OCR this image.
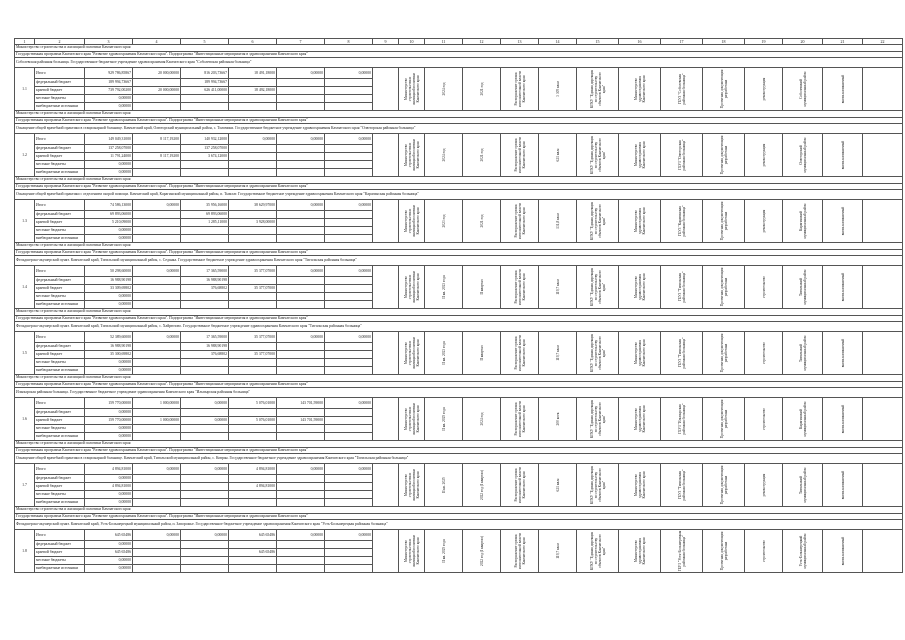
1	2	3	4	5	6	7	8	9	10	11	12	13	14	15	16	17	18	19	20	21	22
Министерство строительства и жилищной политики Камчатского края																					
Государственная программа Камчатского края "Развитие здравоохранения Камчатского края". Подпрограмма "Инвестиционные мероприятия в здравоохранении Камчатского края"																					
Соболевская районная больница. Государственное бюджетное учреждение здравоохранения Камчатского края "Соболевская районная больница"																					
1.1	Итого	929 786,85867	20 000,00000	816 203,73667	18 491,18000	0,00000	0,00000		Министерство строительства и жилищной политики Камчатского края	2024 год	2021 год	Распоряжение органа исполнительной власти Камчатского края	3 305 кв.м	КГКУ "Единая дирекция по строительству объектов Камчатского края"	Министерство здравоохранения Камчатского края	ГБУЗ "Соболевская районная больница"	Проектная документация разработана	реконструкция	Соболевский муниципальный район	вновь начинаемый	

	федеральный бюджет	189 994,73667		189 994,73667																	
	краевой бюджет	739 792,00200	20 000,00000	626 411,00000	18 492,18000																
	местные бюджеты	0,00000																			
	внебюджетные источники	0,00000																			
Министерство строительства и жилищной политики Камчатского края																					
Государственная программа Камчатского края "Развитие здравоохранения Камчатского края". Подпрограмма "Инвестиционные мероприятия в здравоохранении Камчатского края"																					
Оснащение общей врачебной практики в стационарной больнице. Камчатский край, Олюторский муниципальный район, с. Тиличики. Государственное бюджетное учреждение здравоохранения Камчатского края "Олюторская районная больница"																					
1.2	Итого	149 049,31000	8 117,19200	140 932,12000	0,00000	0,00000	0,00000		Министерство строительства и жилищной политики Камчатского края	2024 год	2021 год	Распоряжение органа исполнительной власти Камчатского края	621 кв.м	КГКУ "Единая дирекция по строительству объектов Камчатского края"	Министерство здравоохранения Камчатского края	ГБУЗ "Олюторская районная больница"	Проектная документация разработана	реконструкция	Олюторский муниципальный район	вновь начинаемый	

	федеральный бюджет	137 258,07000		137 258,07000																	
	краевой бюджет	11 791,24000	8 117,19200	3 674,12000																	
	местные бюджеты	0,00000																			
	внебюджетные источники	0,00000																			
Министерство строительства и жилищной политики Камчатского края																					
Государственная программа Камчатского края "Развитие здравоохранения Камчатского края". Подпрограмма "Инвестиционные мероприятия в здравоохранении Камчатского края"																					
Оснащение общей врачебной практики с отделением скорой помощи. Камчатский край, Карагинский муниципальный район, п. Тымлат. Государственное бюджетное учреждение здравоохранения Камчатского края "Карагинская районная больница"																					
1.3	Итого	74 586,13000	0,00000	35 956,16000	38 629,97000	0,00000	0,00000		Министерство строительства и жилищной политики Камчатского края	2023 год	2021 год	Распоряжение органа исполнительной власти Камчатского края	131,8 кв.м	КГКУ "Единая дирекция по строительству объектов Камчатского края"	Министерство здравоохранения Камчатского края	ГБУЗ "Карагинская районная больница"	Проектная документация разработана	реконструкция	Карагинский муниципальный район	вновь начинаемый	

	федеральный бюджет	69 893,06000		69 893,06000																	
	краевой бюджет	5 210,09000		1 285,11000	3 928,00000																
	местные бюджеты	0,00000																			
	внебюджетные источники	0,00000																			
Министерство строительства и жилищной политики Камчатского края																					
Государственная программа Камчатского края "Развитие здравоохранения Камчатского края". Подпрограмма "Инвестиционные мероприятия в здравоохранении Камчатского края"																					
Фельдшерско-акушерский пункт. Камчатский край, Тигильский муниципальный район, с. Седанка. Государственное бюджетное учреждение здравоохранения Камчатского края "Тигильская районная больница"																					
1.4	Итого	50 298,60000	0,00000	17 365,59000	35 377,07000	0,00000	0,00000		Министерство строительства и жилищной политики Камчатского края	II кв. 2023 года	II квартал	Распоряжение органа исполнительной власти Камчатского края	119,7 кв.м	КГКУ "Единая дирекция по строительству объектов Камчатского края"	Министерство здравоохранения Камчатского края	ГБУЗ "Тигильская районная больница"	Проектная документация разработана	строительство	Тигильский муниципальный район	вновь начинаемый	

	федеральный бюджет	16 988,90198		16 988,90198																	
	краевой бюджет	33 309,69802		376,68802	35 377,07000																
	местные бюджеты	0,00000																			
	внебюджетные источники	0,00000																			
Министерство строительства и жилищной политики Камчатского края																					
Государственная программа Камчатского края "Развитие здравоохранения Камчатского края". Подпрограмма "Инвестиционные мероприятия в здравоохранении Камчатского края"																					
Фельдшерско-акушерский пункт. Камчатский край, Тигильский муниципальный район, с. Хайрюзово. Государственное бюджетное учреждение здравоохранения Камчатского края "Тигильская районная больница"																					
1.5	Итого	52 389,60000	0,00000	17 365,59000	35 377,07000	0,00000	0,00000		Министерство строительства и жилищной политики Камчатского края	II кв. 2023 года	II квартал	Распоряжение органа исполнительной власти Камчатского края	119,7 кв.м	КГКУ "Единая дирекция по строительству объектов Камчатского края"	Министерство здравоохранения Камчатского края	ГБУЗ "Тигильская районная больница"	Проектная документация разработана	строительство	Тигильский муниципальный район	вновь начинаемый	

	федеральный бюджет	16 988,90198		16 988,90198																	
	краевой бюджет	35 300,69802		376,68802	35 377,07000																
	местные бюджеты	0,00000																			
	внебюджетные источники	0,00000																			
Министерство строительства и жилищной политики Камчатского края																					
Государственная программа Камчатского края "Развитие здравоохранения Камчатского края". Подпрограмма "Инвестиционные мероприятия в здравоохранении Камчатского края"																					
Ильпырская районная больница. Государственное бюджетное учреждение здравоохранения Камчатского края "Ильпырская районная больница"																					
1.6	Итого	159 770,00000	1 000,00000	0,00000	5 076,01000	143 701,59000	0,00000		Министерство строительства и жилищной политики Камчатского края	II кв. 2025 года	2024 год	Распоряжение органа исполнительной власти Камчатского края	200 коек	КГКУ "Единая дирекция по строительству объектов Камчатского края"	Министерство здравоохранения Камчатского края	ГБУЗ "Ильпырская районная больница"	Проектная документация разработана	строительство	Карагинский муниципальный район	вновь начинаемый	

	федеральный бюджет	0,00000																			
	краевой бюджет	159 770,00000	1 000,00000	0,00000	5 076,01000	143 701,59000															
	местные бюджеты	0,00000																			
	внебюджетные источники	0,00000																			
Министерство строительства и жилищной политики Камчатского края																					
Государственная программа Камчатского края "Развитие здравоохранения Камчатского края". Подпрограмма "Инвестиционные мероприятия в здравоохранении Камчатского края"																					
Оснащение общей врачебной практики в стационарной больнице. Камчатский край, Тигильский муниципальный район, с. Ковран. Государственное бюджетное учреждение здравоохранения Камчатского края "Тигильская районная больница"																					
1.7	Итого	4 894,81000	0,00000	0,00000	4 894,81000	0,00000	0,00000		Министерство строительства и жилищной политики Камчатского края	II кв. 2025	2022 год (I квартал)	Распоряжение органа исполнительной власти Камчатского края	621 кв.м	КГКУ "Единая дирекция по строительству объектов Камчатского края"	Министерство здравоохранения Камчатского края	ГБУЗ "Тигильская районная больница"	Проектная документация разработана	реконструкция	Тигильский муниципальный район	вновь начинаемый	

	федеральный бюджет	0,00000																			
	краевой бюджет	4 894,81000			4 894,81000																
	местные бюджеты	0,00000																			
	внебюджетные источники	0,00000																			
Министерство строительства и жилищной политики Камчатского края																					
Государственная программа Камчатского края "Развитие здравоохранения Камчатского края". Подпрограмма "Инвестиционные мероприятия в здравоохранении Камчатского края"																					
Фельдшерско-акушерский пункт. Камчатский край, Усть-Большерецкий муниципальный район, п. Запорожье. Государственное бюджетное учреждение здравоохранения Камчатского края "Усть-Большерецкая районная больница"																					
1.8	Итого	645 65486	0,00000	0,00000	645 65486	0,00000	0,00000		Министерство строительства и жилищной политики Камчатского края	II кв. 2025 года	2022 год (I квартал)	Распоряжение органа исполнительной власти Камчатского края	119,7 кв.м	КГКУ "Единая дирекция по строительству объектов Камчатского края"	Министерство здравоохранения Камчатского края	ГБУЗ "Усть-Большерецкая районная больница"	Проектная документация разработана	строительство	Усть-Большерецкий муниципальный район	вновь начинаемый	

	федеральный бюджет	0,00000																			
	краевой бюджет	645 65486			645 65486																
	местные бюджеты	0,00000																			
	внебюджетные источники	0,00000																			
